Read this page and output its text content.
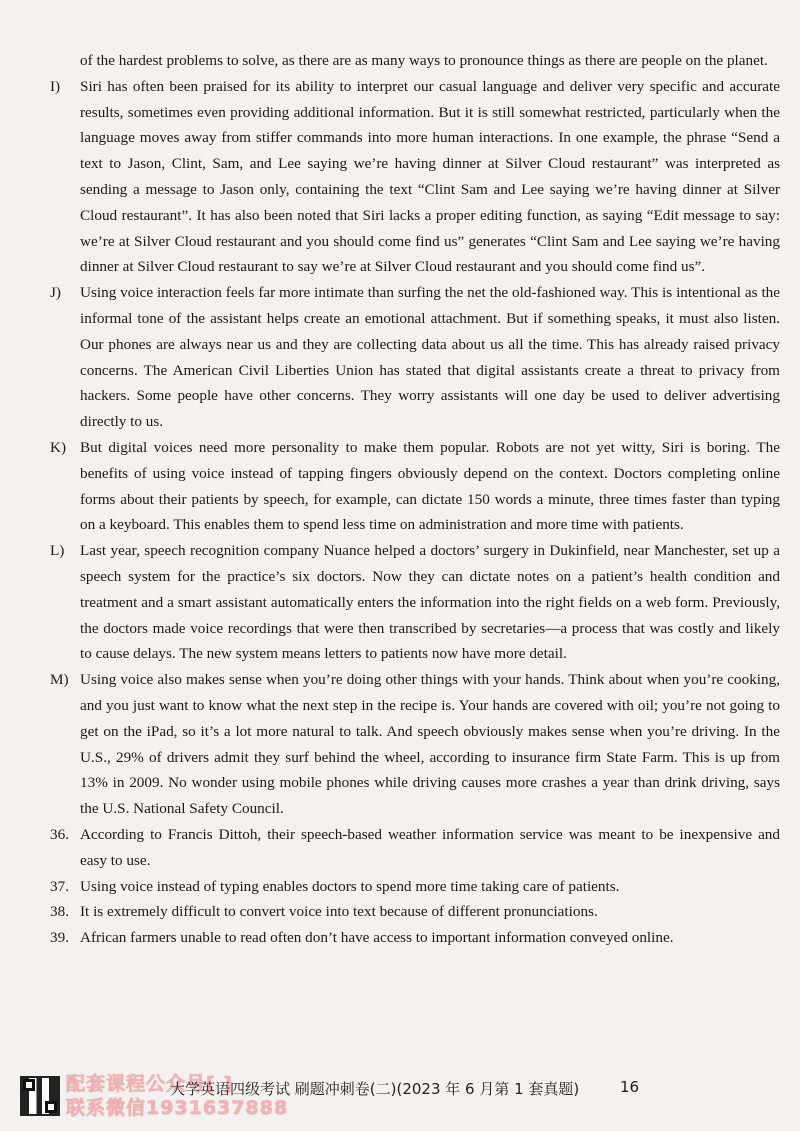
of the hardest problems to solve, as there are as many ways to pronounce things as there are people on the planet.

I)	Siri has often been praised for its ability to interpret our casual language and deliver very specific and accurate results, sometimes even providing additional information. But it is still somewhat restricted, particularly when the language moves away from stiffer commands into more human interactions. In one example, the phrase “Send a text to Jason, Clint, Sam, and Lee saying we’re having dinner at Silver Cloud restaurant” was interpreted as sending a message to Jason only, containing the text “Clint Sam and Lee saying we’re having dinner at Silver Cloud restaurant”. It has also been noted that Siri lacks a proper editing function, as saying “Edit message to say: we’re at Silver Cloud restaurant and you should come find us” generates “Clint Sam and Lee saying we’re having dinner at Silver Cloud restaurant to say we’re at Silver Cloud restaurant and you should come find us”.
J)	Using voice interaction feels far more intimate than surfing the net the old-fashioned way. This is intentional as the informal tone of the assistant helps create an emotional attachment. But if something speaks, it must also listen. Our phones are always near us and they are collecting data about us all the time. This has already raised privacy concerns. The American Civil Liberties Union has stated that digital assistants create a threat to privacy from hackers. Some people have other concerns. They worry assistants will one day be used to deliver advertising directly to us.
K) But digital voices need more personality to make them popular. Robots are not yet witty, Siri is boring. The benefits of using voice instead of tapping fingers obviously depend on the context. Doctors completing online forms about their patients by speech, for example, can dictate 150 words a minute, three times faster than typing on a keyboard. This enables them to spend less time on administration and more time with patients.
L)	Last year, speech recognition company Nuance helped a doctors’ surgery in Dukinfield, near Manchester, set up a speech system for the practice’s six doctors. Now they can dictate notes on a patient’s health condition and treatment and a smart assistant automatically enters the information into the right fields on a web form. Previously, the doctors made voice recordings that were then transcribed by secretaries—a process that was costly and likely to cause delays. The new system means letters to patients now have more detail.
M) Using voice also makes sense when you’re doing other things with your hands. Think about when you’re cooking, and you just want to know what the next step in the recipe is. Your hands are covered with oil; you’re not going to get on the iPad, so it’s a lot more natural to talk. And speech obviously makes sense when you’re driving. In the U.S., 29% of drivers admit they surf behind the wheel, according to insurance firm State Farm. This is up from 13% in 2009. No wonder using mobile phones while driving causes more crashes a year than drink driving, says the U.S. National Safety Council.
36. According to Francis Dittoh, their speech-based weather information service was meant to be inexpensive and easy to use.
37. Using voice instead of typing enables doctors to spend more time taking care of patients.
38. It is extremely difficult to convert voice into text because of different pronunciations.
39. African farmers unable to read often don’t have access to important information conveyed online.
配套课程公众号[ ]
联系微信1931637888
大学英语四级考试 刷题冲刺卷(二)(2023 年 6 月第 1 套真题)	16
